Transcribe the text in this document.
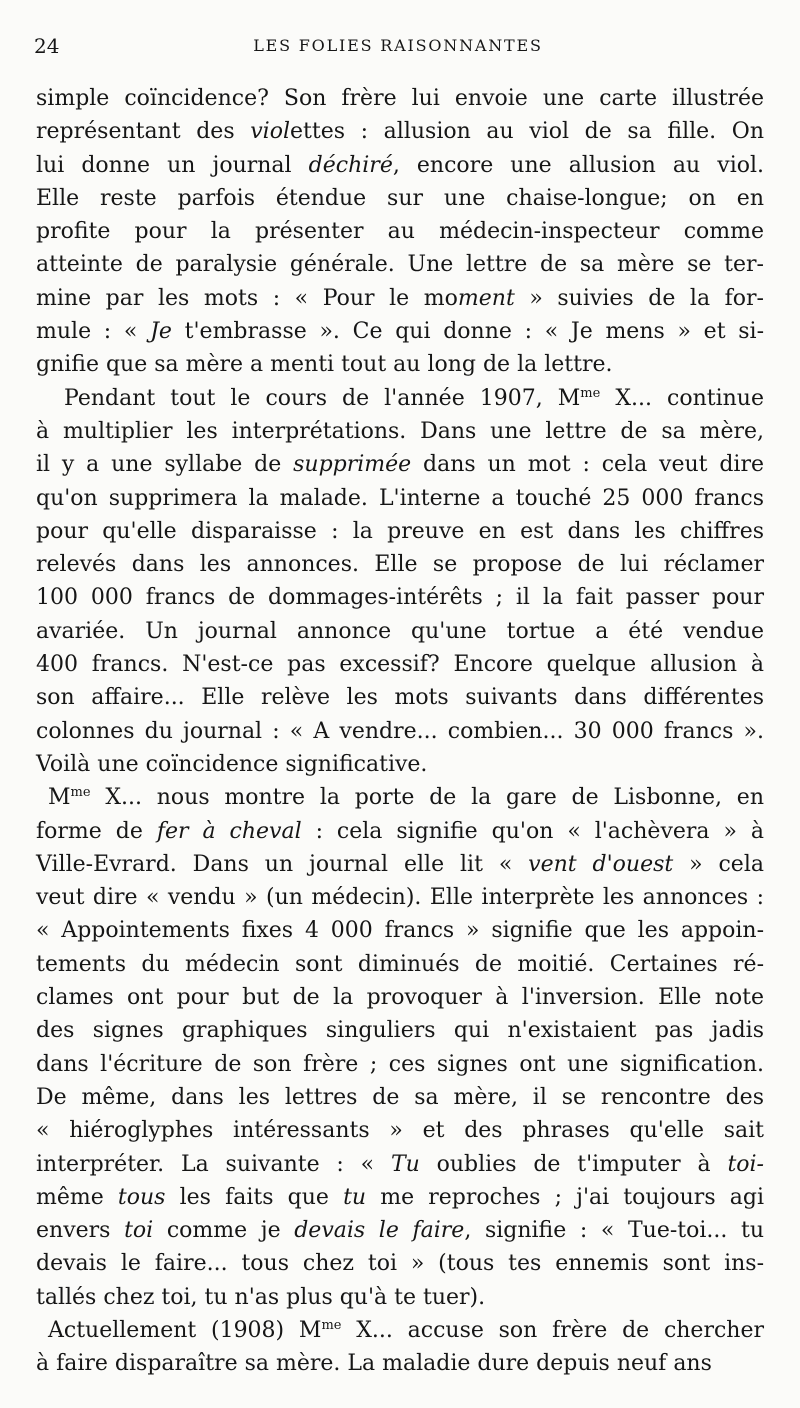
24	LES FOLIES RAISONNANTES
simple coïncidence? Son frère lui envoie une carte illustrée
représentant des violettes : allusion au viol de sa fille. On
lui donne un journal déchiré, encore une allusion au viol.
Elle reste parfois étendue sur une chaise-longue; on en
profite pour la présenter au médecin-inspecteur comme
atteinte de paralysie générale. Une lettre de sa mère se ter-
mine par les mots : « Pour le moment » suivies de la for-
mule : « Je t'embrasse ». Ce qui donne : « Je mens » et si-
gnifie que sa mère a menti tout au long de la lettre.
Pendant tout le cours de l'année 1907, $M^{me}$ X... continue
à multiplier les interprétations. Dans une lettre de sa mère,
il y a une syllabe de supprimée dans un mot : cela veut dire
qu'on supprimera la malade. L'interne a touché 25 000 francs
pour qu'elle disparaisse : la preuve en est dans les chiffres
relevés dans les annonces. Elle se propose de lui réclamer
100 000 francs de dommages-intérêts ; il la fait passer pour
avariée. Un journal annonce qu'une tortue a été vendue
400 francs. N'est-ce pas excessif? Encore quelque allusion à
son affaire... Elle relève les mots suivants dans différentes
colonnes du journal : « A vendre... combien... 30 000 francs ».
Voilà une coïncidence significative.
$M^{me}$ X... nous montre la porte de la gare de Lisbonne, en
forme de fer à cheval : cela signifie qu'on « l'achèvera » à
Ville-Evrard. Dans un journal elle lit « vent d'ouest » cela
veut dire « vendu » (un médecin). Elle interprète les annonces :
« Appointements fixes 4 000 francs » signifie que les appoin-
tements du médecin sont diminués de moitié. Certaines ré-
clames ont pour but de la provoquer à l'inversion. Elle note
des signes graphiques singuliers qui n'existaient pas jadis
dans l'écriture de son frère ; ces signes ont une signification.
De même, dans les lettres de sa mère, il se rencontre des
« hiéroglyphes intéressants » et des phrases qu'elle sait
interpréter. La suivante : « Tu oublies de t'imputer à toi-
même tous les faits que tu me reproches ; j'ai toujours agi
envers toi comme je devais le faire, signifie : « Tue-toi... tu
devais le faire... tous chez toi » (tous tes ennemis sont ins-
tallés chez toi, tu n'as plus qu'à te tuer).
Actuellement (1908) $M^{me}$ X... accuse son frère de chercher
à faire disparaître sa mère. La maladie dure depuis neuf ans
